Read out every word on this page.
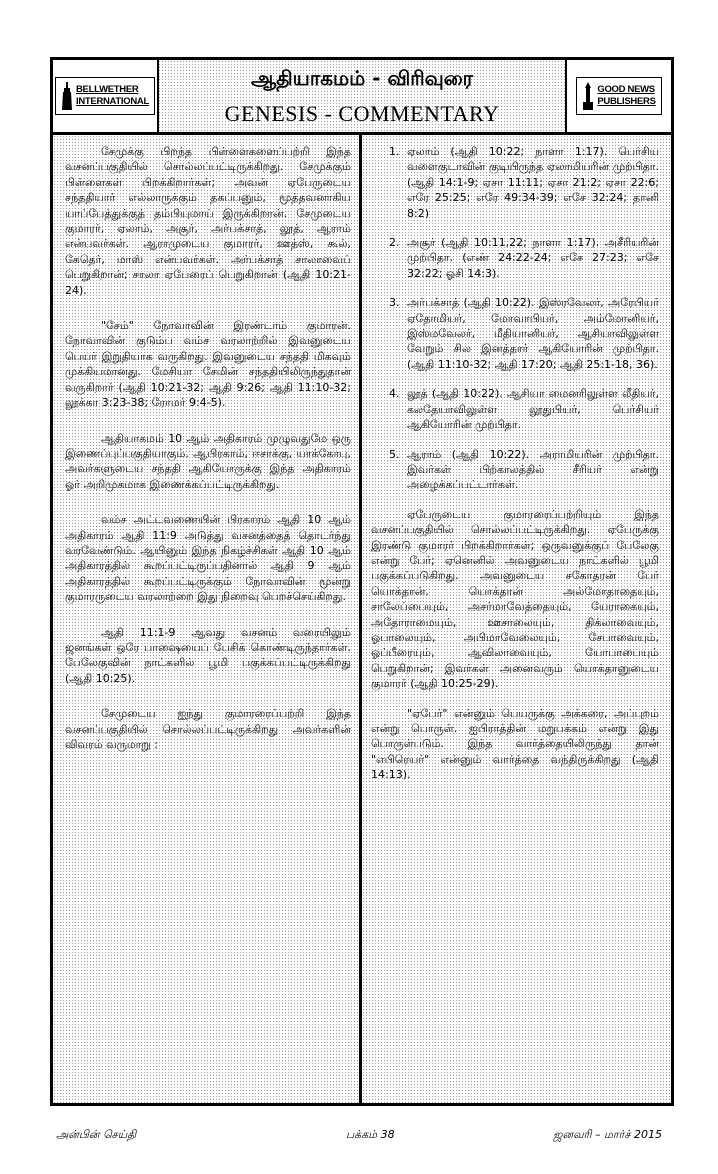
BELLWETHER
INTERNATIONAL
ஆதியாகமம் - விரிவுரை
GENESIS - COMMENTARY
GOOD NEWS
PUBLISHERS

சேமுக்கு பிறந்த பிள்ளைகளைப்பற்றி இந்த வசனப்பகுதியில் சொல்லப்பட்டிருக்கிறது. சேமுக்கும் பிள்ளைகள் பிறக்கிறார்கள்; அவன் ஏபேருடைய சந்ததியார் எல்லாருக்கும் தகப்பனும், மூத்தவனாகிய யாப்பேத்துக்குத் தம்பியுமாய் இருக்கிறான். சேமுடைய குமாரர், ஏலாம், அசூர், அர்பக்சாத், லூத், ஆராம் என்பவர்கள். ஆராமுடைய குமாரர், ஊத்ஸ், கூல், கேதெர், மாஸ் என்பவர்கள். அர்பக்சாத் சாலாவைப் பெறுகிறான்; சாலா ஏபேரைப் பெறுகிறான் (ஆதி 10:21-24).

"சேம்" நோவாவின் இரண்டாம் குமாரன். நோவாவின் குடும்ப வம்ச வரலாற்றில் இவனுடைய பெயர் இறுதியாக வருகிறது. இவனுடைய சந்ததி மிகவும் முக்கியமானது. மேசியா சேமின் சந்ததியிலிருந்துதான் வருகிறார் (ஆதி 10:21-32; ஆதி 9:26; ஆதி 11:10-32; லூக்கா 3:23-38; ரோமர் 9:4-5).

ஆதியாகமம் 10 ஆம் அதிகாரம் முழுவதுமே ஒரு இணைப்புப்பகுதியாகும். ஆபிரகாம், ஈசாக்கு, யாக்கோபு, அவர்களுடைய சந்ததி ஆகியோருக்கு இந்த அதிகாரம் ஓர் அறிமுகமாக இணைக்கப்பட்டிருக்கிறது.

வம்ச அட்டவணையின் பிரகாரம் ஆதி 10 ஆம் அதிகாரம் ஆதி 11:9 அடுத்து வசனத்தைத் தொடர்ந்து வரவேண்டும். ஆயினும் இந்த நிகழ்ச்சிகள் ஆதி 10 ஆம் அதிகாரத்தில் கூறப்பட்டிருப்பதினால் ஆதி 9 ஆம் அதிகாரத்தில் கூறப்பட்டிருக்கும் நோவாவின் மூன்று குமாரருடைய வரலாற்றை இது நிறைவு பெறச்செய்கிறது.

ஆதி 11:1-9 ஆவது வசனம் வரையிலும் ஜனங்கள் ஒரே பாஷையைப் பேசிக் கொண்டிருந்தார்கள். பேலேகுவின் நாட்களில் பூமி பகுக்கப்பட்டிருக்கிறது (ஆதி 10:25).

சேமுடைய ஐந்து குமாரரைப்பற்றி இந்த வசனப்பகுதியில் சொல்லப்பட்டிருக்கிறது அவர்களின் விவரம் வருமாறு :

1. ஏலாம் (ஆதி 10:22; நாளா 1:17). பெர்சிய வளைகுடாவின் குடியிருந்த ஏலாமியரின் முற்பிதா. (ஆதி 14:1-9; ஏசா 11:11; ஏசா 21:2; ஏசா 22:6; எரே 25:25; எரே 49:34-39; எசே 32:24; தானி 8:2)
2. அசூர் (ஆதி 10:11,22; நாளா 1:17). அசீரியரின் முற்பிதா. (எண் 24:22-24; எசே 27:23; எசே 32:22; ஓசி 14:3).
3. அர்பக்சாத் (ஆதி 10:22). இஸ்ரவேலர், அரேபியர் ஏதோமியர், மோவாபியர், அம்மோனியர், இஸ்மவேலர், மீதியானியர், ஆசியாவிலுள்ள வேறும் சில இனத்தார் ஆகியோரின் முற்பிதா. (ஆதி 11:10-32; ஆதி 17:20; ஆதி 25:1-18, 36).
4. லூத் (ஆதி 10:22). ஆசியா மைனரிலுள்ள லீதியர், கலதேயாவிலுள்ள லூதுபியர், பெர்சியர் ஆகியோரின் முற்பிதா.
5. ஆராம் (ஆதி 10:22). அராமியரின் முற்பிதா. இவர்கள் பிற்காலத்தில் சீரியர் என்று அழைக்கப்பட்டார்கள்.

ஏபேருடைய குமாரரைப்பற்றியும் இந்த வசனப்பகுதியில் சொல்லப்பட்டிருக்கிறது. ஏபேருக்கு இரண்டு குமாரர் பிறக்கிறார்கள்; ஒருவனுக்குப் பேலேகு என்று பேர்; ஏனெனில் அவனுடைய நாட்களில் பூமி பகுக்கப்படுகிறது. அவனுடைய சகோதரன் பேர் யொக்தான். யொக்தான் அல்மோதாதையும், சாலேப்பையும், அசர்மாவேத்தையும், யேராகையும், அதோராமையும், ஊசாலையும், திக்லாவையும், ஓபாலையும், அபிமாவேலையும், சேபாவையும், ஓப்பீரையும், ஆவிலாவையும், யோபாபையும் பெறுகிறான்; இவர்கள் அனைவரும் யொக்தானுடைய குமாரர் (ஆதி 10:25-29).

"ஏபேர்" என்னும் பெயருக்கு அக்கரை, அப்புறம் என்று பொருள். ஐபிராத்தின் மறுபக்கம் என்று இது பொருள்படும். இந்த வார்த்தையிலிருந்து தான் "எபிரெயர்" என்னும் வார்த்தை வந்திருக்கிறது (ஆதி 14:13).

அன்பின் செய்தி	பக்கம் 38	ஜனவரி – மார்ச் 2015
